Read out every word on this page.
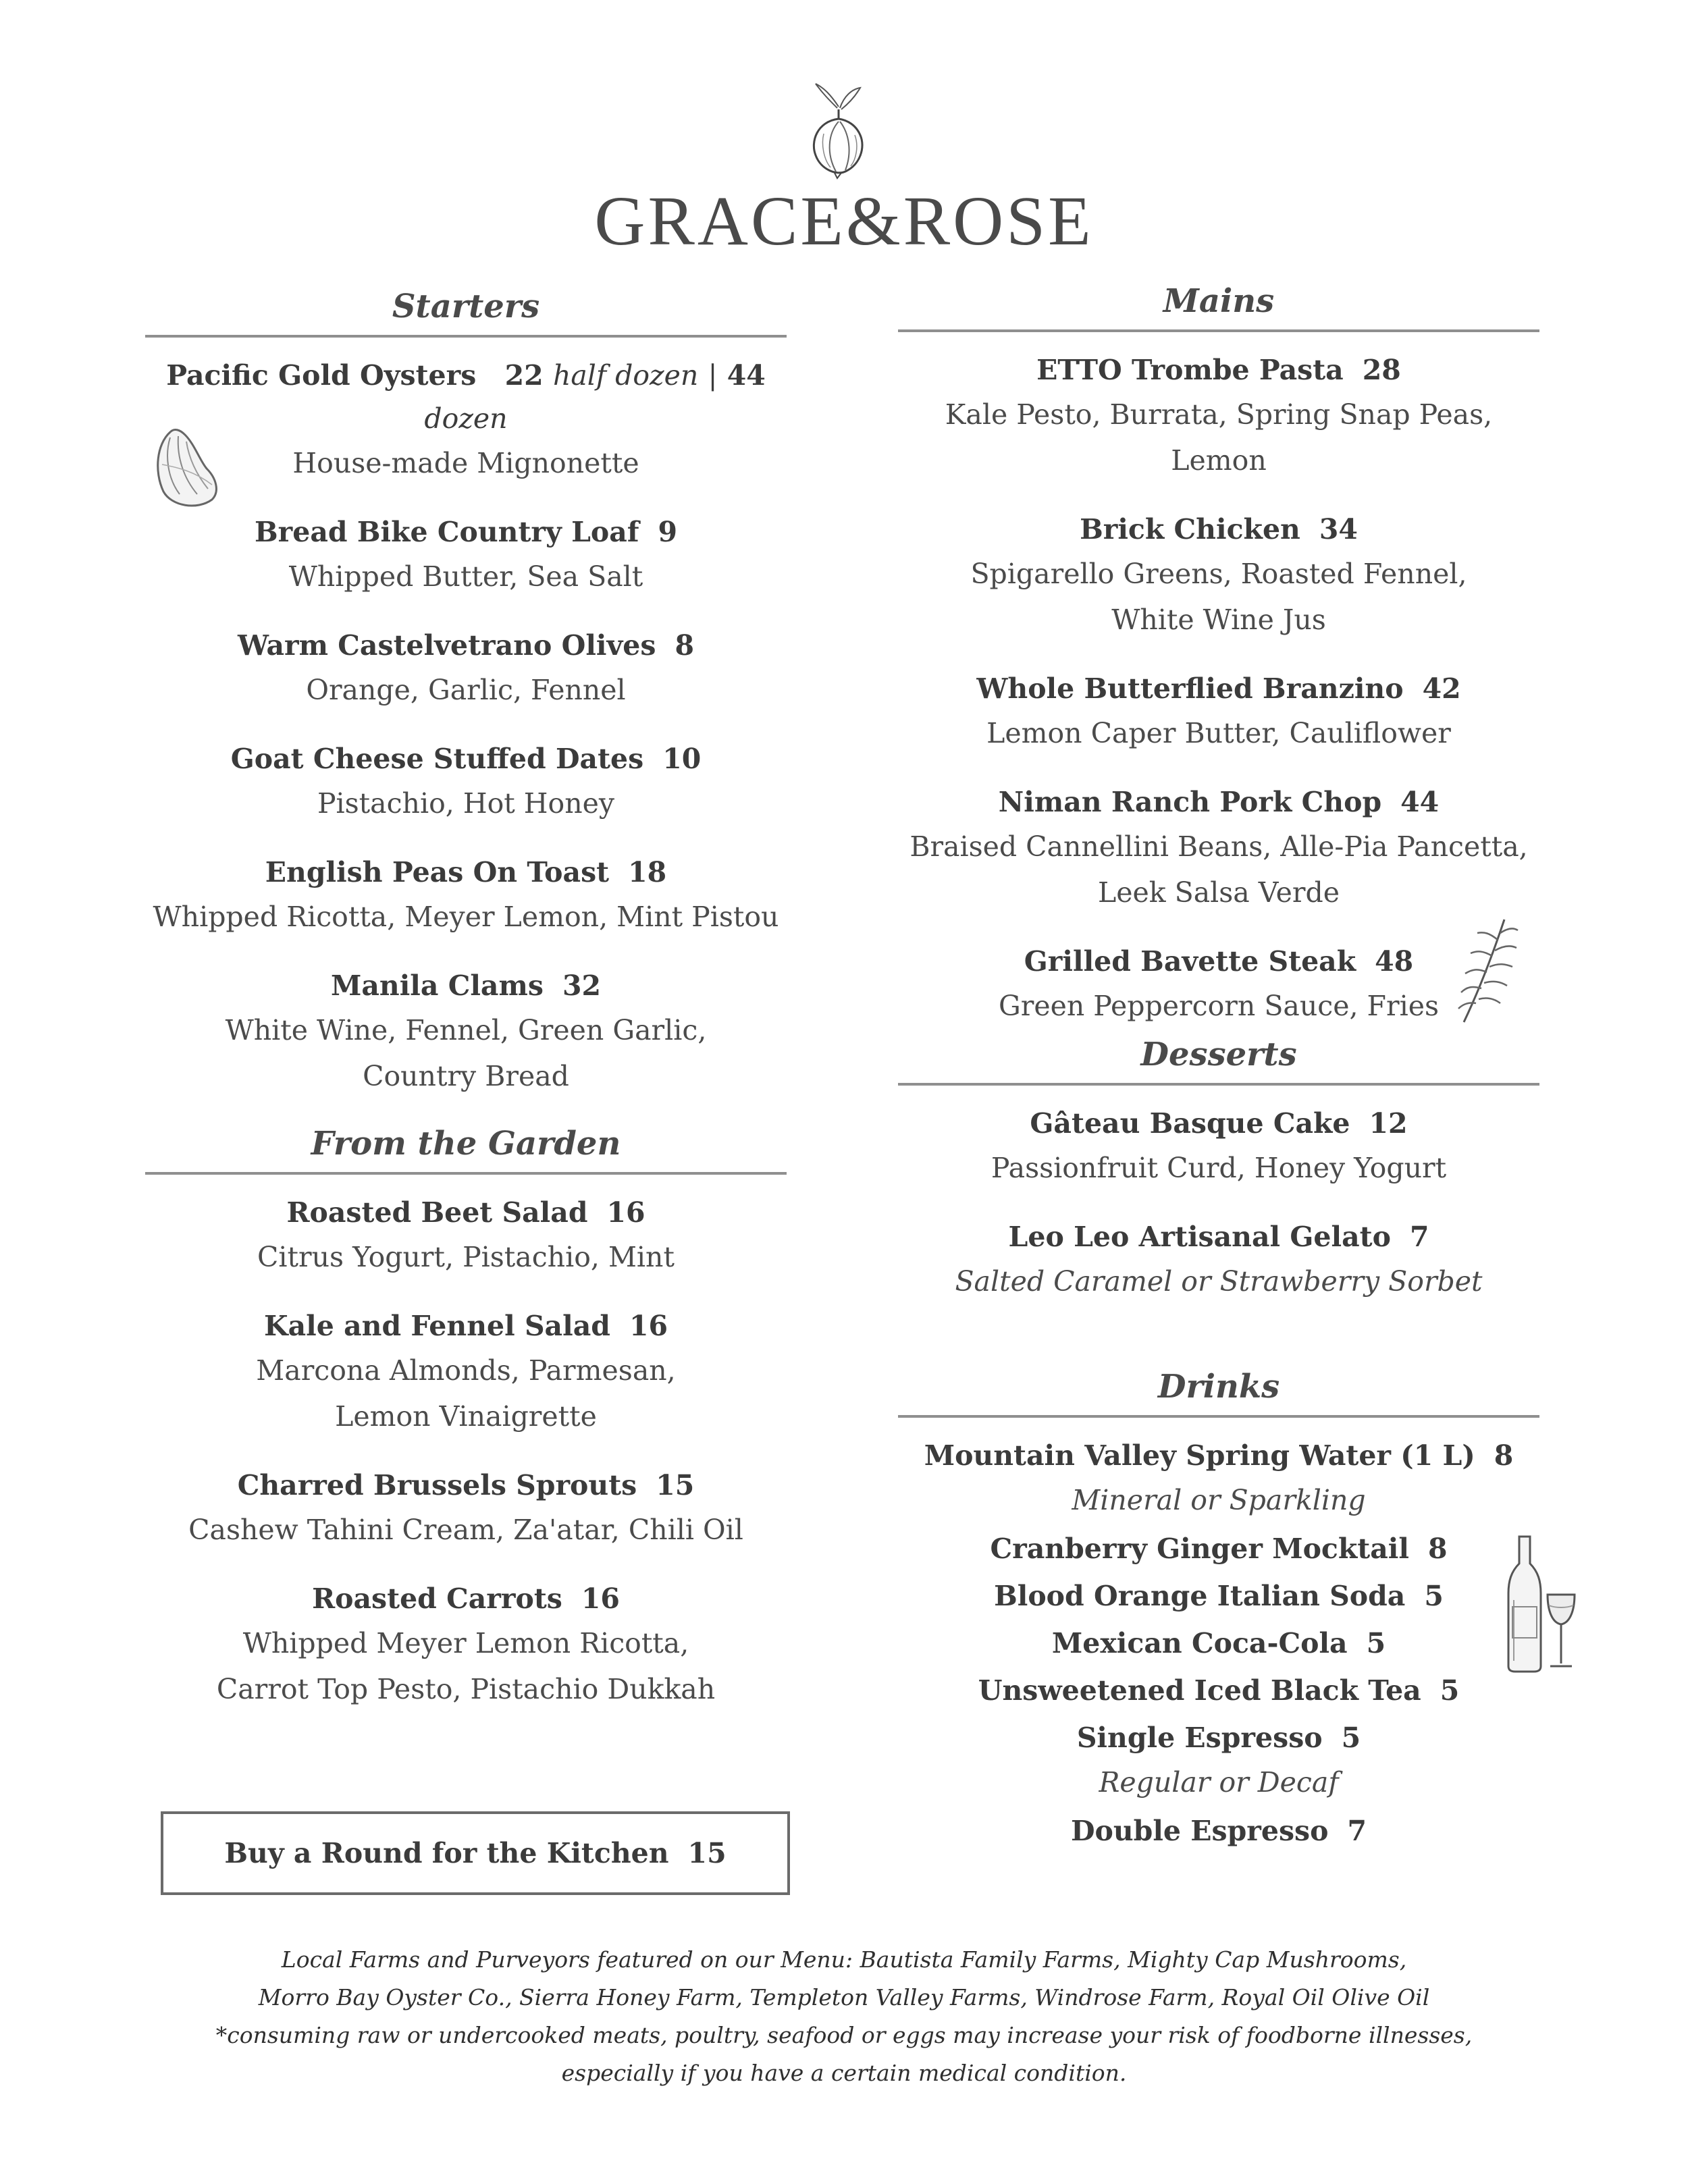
GRACE&ROSE
Starters
Pacific Gold Oysters 22 half dozen | 44 dozen
House-made Mignonette
Bread Bike Country Loaf 9
Whipped Butter, Sea Salt
Warm Castelvetrano Olives 8
Orange, Garlic, Fennel
Goat Cheese Stuffed Dates 10
Pistachio, Hot Honey
English Peas On Toast 18
Whipped Ricotta, Meyer Lemon, Mint Pistou
Manila Clams 32
White Wine, Fennel, Green Garlic,
Country Bread
From the Garden
Roasted Beet Salad 16
Citrus Yogurt, Pistachio, Mint
Kale and Fennel Salad 16
Marcona Almonds, Parmesan,
Lemon Vinaigrette
Charred Brussels Sprouts 15
Cashew Tahini Cream, Za'atar, Chili Oil
Roasted Carrots 16
Whipped Meyer Lemon Ricotta,
Carrot Top Pesto, Pistachio Dukkah
Mains
ETTO Trombe Pasta 28
Kale Pesto, Burrata, Spring Snap Peas, Lemon
Brick Chicken 34
Spigarello Greens, Roasted Fennel,
White Wine Jus
Whole Butterflied Branzino 42
Lemon Caper Butter, Cauliflower
Niman Ranch Pork Chop 44
Braised Cannellini Beans, Alle-Pia Pancetta,
Leek Salsa Verde
Grilled Bavette Steak 48
Green Peppercorn Sauce, Fries
Desserts
Gâteau Basque Cake 12
Passionfruit Curd, Honey Yogurt
Leo Leo Artisanal Gelato 7
Salted Caramel or Strawberry Sorbet
Drinks
Mountain Valley Spring Water (1 L) 8
Mineral or Sparkling
Cranberry Ginger Mocktail 8
Blood Orange Italian Soda 5
Mexican Coca-Cola 5
Unsweetened Iced Black Tea 5
Single Espresso 5
Regular or Decaf
Double Espresso 7
Buy a Round for the Kitchen 15
Local Farms and Purveyors featured on our Menu: Bautista Family Farms, Mighty Cap Mushrooms,
Morro Bay Oyster Co., Sierra Honey Farm, Templeton Valley Farms, Windrose Farm, Royal Oil Olive Oil
*consuming raw or undercooked meats, poultry, seafood or eggs may increase your risk of foodborne illnesses,
especially if you have a certain medical condition.
